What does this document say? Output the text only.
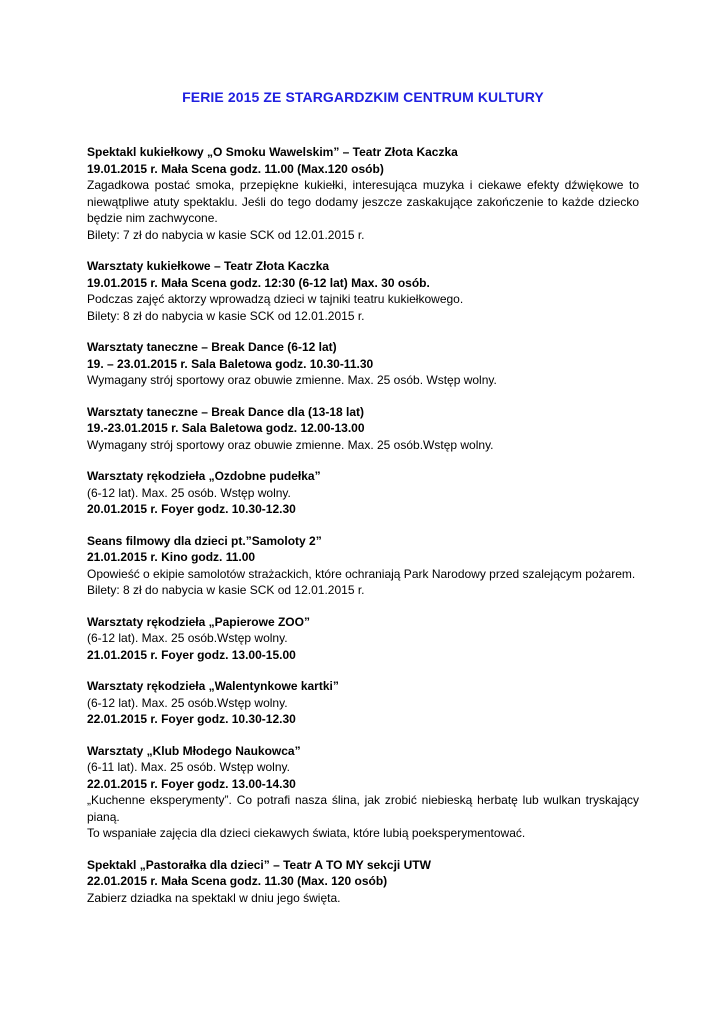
FERIE 2015 ZE STARGARDZKIM CENTRUM KULTURY
Spektakl kukiełkowy „O Smoku Wawelskim” – Teatr Złota Kaczka
19.01.2015 r. Mała Scena godz. 11.00 (Max.120 osób)
Zagadkowa postać smoka, przepiękne kukiełki, interesująca muzyka i ciekawe efekty dźwiękowe to niewątpliwe atuty spektaklu. Jeśli do tego dodamy jeszcze zaskakujące zakończenie to każde dziecko będzie nim zachwycone.
Bilety: 7 zł do nabycia w kasie SCK od 12.01.2015 r.
Warsztaty kukiełkowe – Teatr Złota Kaczka
19.01.2015 r. Mała Scena godz. 12:30 (6-12 lat) Max. 30 osób.
Podczas zajęć aktorzy wprowadzą dzieci w tajniki teatru kukiełkowego.
Bilety: 8 zł do nabycia w kasie SCK od 12.01.2015 r.
Warsztaty taneczne – Break Dance (6-12 lat)
19. – 23.01.2015 r. Sala Baletowa godz. 10.30-11.30
Wymagany strój sportowy oraz obuwie zmienne. Max. 25 osób. Wstęp wolny.
Warsztaty taneczne – Break Dance dla (13-18 lat)
19.-23.01.2015 r. Sala Baletowa godz. 12.00-13.00
Wymagany strój sportowy oraz obuwie zmienne. Max. 25 osób.Wstęp wolny.
Warsztaty rękodzieła „Ozdobne pudełka”
(6-12 lat). Max. 25 osób. Wstęp wolny.
20.01.2015 r. Foyer godz. 10.30-12.30
Seans filmowy dla dzieci pt.”Samoloty 2”
21.01.2015 r. Kino godz. 11.00
Opowieść o ekipie samolotów strażackich, które ochraniają Park Narodowy przed szalejącym pożarem.
Bilety: 8 zł do nabycia w kasie SCK od 12.01.2015 r.
Warsztaty rękodzieła „Papierowe ZOO”
(6-12 lat). Max. 25 osób.Wstęp wolny.
21.01.2015 r. Foyer godz. 13.00-15.00
Warsztaty rękodzieła „Walentynkowe kartki”
(6-12 lat). Max. 25 osób.Wstęp wolny.
22.01.2015 r. Foyer godz. 10.30-12.30
Warsztaty „Klub Młodego Naukowca”
(6-11 lat). Max. 25 osób. Wstęp wolny.
22.01.2015 r. Foyer godz. 13.00-14.30
„Kuchenne eksperymenty”. Co potrafi nasza ślina, jak zrobić niebieską herbatę lub wulkan tryskający pianą.
To wspaniałe zajęcia dla dzieci ciekawych świata, które lubią poeksperymentować.
Spektakl „Pastorałka dla dzieci” – Teatr A TO MY sekcji UTW
22.01.2015 r. Mała Scena godz. 11.30 (Max. 120 osób)
Zabierz dziadka na spektakl w dniu jego święta.
